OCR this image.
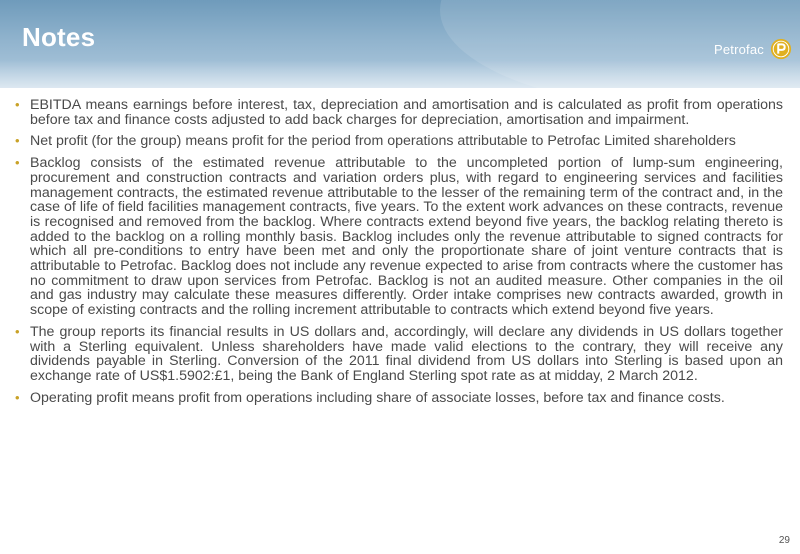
Notes	Petrofac
• EBITDA means earnings before interest, tax, depreciation and amortisation and is calculated as profit from operations before tax and finance costs adjusted to add back charges for depreciation, amortisation and impairment.
• Net profit (for the group) means profit for the period from operations attributable to Petrofac Limited shareholders
• Backlog consists of the estimated revenue attributable to the uncompleted portion of lump-sum engineering, procurement and construction contracts and variation orders plus, with regard to engineering services and facilities management contracts, the estimated revenue attributable to the lesser of the remaining term of the contract and, in the case of life of field facilities management contracts, five years. To the extent work advances on these contracts, revenue is recognised and removed from the backlog. Where contracts extend beyond five years, the backlog relating thereto is added to the backlog on a rolling monthly basis. Backlog includes only the revenue attributable to signed contracts for which all pre-conditions to entry have been met and only the proportionate share of joint venture contracts that is attributable to Petrofac. Backlog does not include any revenue expected to arise from contracts where the customer has no commitment to draw upon services from Petrofac. Backlog is not an audited measure. Other companies in the oil and gas industry may calculate these measures differently. Order intake comprises new contracts awarded, growth in scope of existing contracts and the rolling increment attributable to contracts which extend beyond five years.
• The group reports its financial results in US dollars and, accordingly, will declare any dividends in US dollars together with a Sterling equivalent. Unless shareholders have made valid elections to the contrary, they will receive any dividends payable in Sterling. Conversion of the 2011 final dividend from US dollars into Sterling is based upon an exchange rate of US$1.5902:£1, being the Bank of England Sterling spot rate as at midday, 2 March 2012.
• Operating profit means profit from operations including share of associate losses, before tax and finance costs.
29
